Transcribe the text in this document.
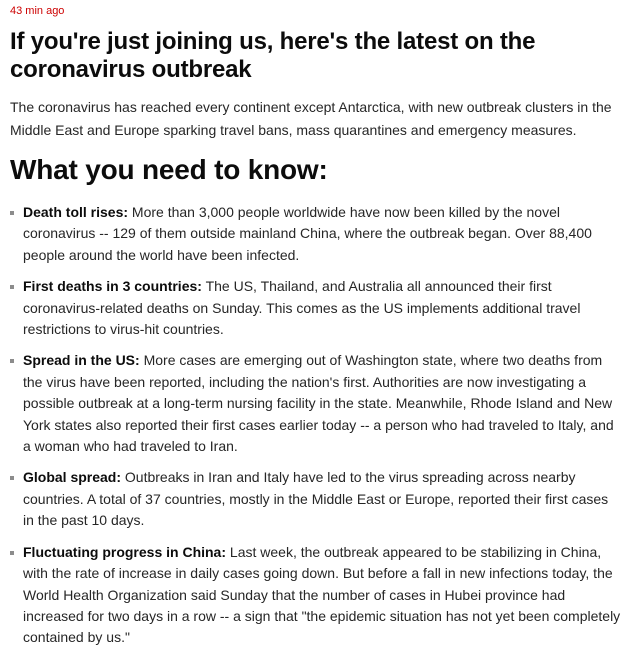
43 min ago
If you're just joining us, here's the latest on the coronavirus outbreak

The coronavirus has reached every continent except Antarctica, with new outbreak clusters in the Middle East and Europe sparking travel bans, mass quarantines and emergency measures.

What you need to know:
Death toll rises: More than 3,000 people worldwide have now been killed by the novel coronavirus -- 129 of them outside mainland China, where the outbreak began. Over 88,400 people around the world have been infected.
First deaths in 3 countries: The US, Thailand, and Australia all announced their first coronavirus-related deaths on Sunday. This comes as the US implements additional travel restrictions to virus-hit countries.
Spread in the US: More cases are emerging out of Washington state, where two deaths from the virus have been reported, including the nation's first. Authorities are now investigating a possible outbreak at a long-term nursing facility in the state. Meanwhile, Rhode Island and New York states also reported their first cases earlier today -- a person who had traveled to Italy, and a woman who had traveled to Iran.
Global spread: Outbreaks in Iran and Italy have led to the virus spreading across nearby countries. A total of 37 countries, mostly in the Middle East or Europe, reported their first cases in the past 10 days.
Fluctuating progress in China: Last week, the outbreak appeared to be stabilizing in China, with the rate of increase in daily cases going down. But before a fall in new infections today, the World Health Organization said Sunday that the number of cases in Hubei province had increased for two days in a row -- a sign that "the epidemic situation has not yet been completely contained by us."
